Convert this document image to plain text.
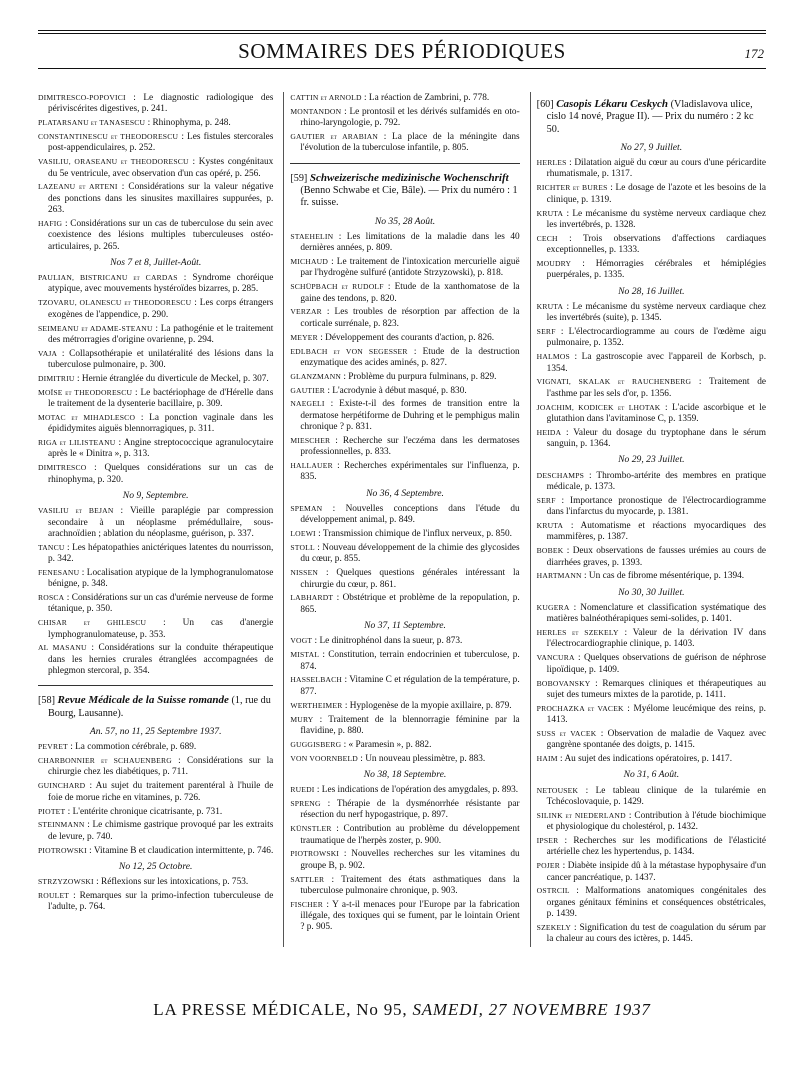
SOMMAIRES DES PÉRIODIQUES	172
DIMITRESCO-POPOVICI : Le diagnostic radiologique des périviscérites digestives, p. 241.
PLATARSANU et TANASESCU : Rhinophyma, p. 248.
CONSTANTINESCU et THEODORESCU : Les fistules stercorales post-appendiculaires, p. 252.
VASILIU, ORASEANU et THEODORESCU : Kystes congénitaux du 5e ventricule, avec observation d'un cas opéré, p. 256.
LAZEANU et ARTENI : Considérations sur la valeur négative des ponctions dans les sinusites maxillaires suppurées, p. 263.
HAFIG : Considérations sur un cas de tuberculose du sein avec coexistence des lésions multiples tuberculeuses ostéo-articulaires, p. 265.
Nos 7 et 8, Juillet-Août.
PAULIAN, BISTRICANU et CARDAS : Syndrome choréique atypique, avec mouvements hystéroïdes bizarres, p. 285.
TZOVARU, OLANESCU et THEODORESCU : Les corps étrangers exogènes de l'appendice, p. 290.
SEIMEANU et ADAME-STEANU : La pathogénie et le traitement des métrorragies d'origine ovarienne, p. 294.
VAJA : Collapsothérapie et unilatéralité des lésions dans la tuberculose pulmonaire, p. 300.
DIMITRIU : Hernie étranglée du diverticule de Meckel, p. 307.
MOÏSE et THEODORESCU : Le bactériophage de d'Hérelle dans le traitement de la dysenterie bacillaire, p. 309.
MOTAC et MIHADLESCO : La ponction vaginale dans les épididymites aiguës blennorragiques, p. 311.
RIGA et LILISTEANU : Angine streptococcique agranulocytaire après le « Dinitra », p. 313.
DIMITRESCO : Quelques considérations sur un cas de rhinophyma, p. 320.
No 9, Septembre.
VASILIU et BEJAN : Vieille paraplégie par compression secondaire à un néoplasme prémédullaire, sous-arachnoïdien ; ablation du néoplasme, guérison, p. 337.
TANCU : Les hépatopathies anictériques latentes du nourrisson, p. 342.
FENESANU : Localisation atypique de la lymphogranulomatose bénigne, p. 348.
ROSCA : Considérations sur un cas d'urémie nerveuse de forme tétanique, p. 350.
CHISAR et GHILESCU : Un cas d'anergie lymphogranulomateuse, p. 353.
AL MASANU : Considérations sur la conduite thérapeutique dans les hernies crurales étranglées accompagnées de phlegmon stercoral, p. 354.
[58] Revue Médicale de la Suisse romande (1, rue du Bourg, Lausanne).
An. 57, no 11, 25 Septembre 1937.
PEVRET : La commotion cérébrale, p. 689.
CHARBONNIER et SCHAUENBERG : Considérations sur la chirurgie chez les diabétiques, p. 711.
GUINCHARD : Au sujet du traitement parentéral à l'huile de foie de morue riche en vitamines, p. 726.
PIOTET : L'entérite chronique cicatrisante, p. 731.
STEINMANN : Le chimisme gastrique provoqué par les extraits de levure, p. 740.
PIOTROWSKI : Vitamine B et claudication intermittente, p. 746.
No 12, 25 Octobre.
STRZYZOWSKI : Réflexions sur les intoxications, p. 753.
ROULET : Remarques sur la primo-infection tuberculeuse de l'adulte, p. 764.
CATTIN et ARNOLD : La réaction de Zambrini, p. 778.
MONTANDON : Le prontosil et les dérivés sulfamidés en oto-rhino-laryngologie, p. 792.
GAUTIER et ARABIAN : La place de la méningite dans l'évolution de la tuberculose infantile, p. 805.
[59] Schweizerische medizinische Wochenschrift (Benno Schwabe et Cie, Bâle). — Prix du numéro : 1 fr. suisse.
No 35, 28 Août.
STAEHELIN : Les limitations de la maladie dans les 40 dernières années, p. 809.
MICHAUD : Le traitement de l'intoxication mercurielle aiguë par l'hydrogène sulfuré (antidote Strzyzowski), p. 818.
SCHÜPBACH et RUDOLF : Etude de la xanthomatose de la gaine des tendons, p. 820.
VERZAR : Les troubles de résorption par affection de la corticale surrénale, p. 823.
MEYER : Développement des courants d'action, p. 826.
EDLBACH et VON SEGESSER : Etude de la destruction enzymatique des acides aminés, p. 827.
GLANZMANN : Problème du purpura fulminans, p. 829.
GAUTIER : L'acrodynie à début masqué, p. 830.
NAEGELI : Existe-t-il des formes de transition entre la dermatose herpétiforme de Duhring et le pemphigus malin chronique ? p. 831.
MIESCHER : Recherche sur l'eczéma dans les dermatoses professionnelles, p. 833.
HALLAUER : Recherches expérimentales sur l'influenza, p. 835.
No 36, 4 Septembre.
SPEMAN : Nouvelles conceptions dans l'étude du développement animal, p. 849.
LOEWI : Transmission chimique de l'influx nerveux, p. 850.
STOLL : Nouveau développement de la chimie des glycosides du cœur, p. 855.
NISSEN : Quelques questions générales intéressant la chirurgie du cœur, p. 861.
LABHARDT : Obstétrique et problème de la repopulation, p. 865.
No 37, 11 Septembre.
VOGT : Le dinitrophénol dans la sueur, p. 873.
MISTAL : Constitution, terrain endocrinien et tuberculose, p. 874.
HASSELBACH : Vitamine C et régulation de la température, p. 877.
WERTHEIMER : Hyplogenèse de la myopie axillaire, p. 879.
MURY : Traitement de la blennorragie féminine par la flavidine, p. 880.
GUGGISBERG : « Paramesin », p. 882.
VON VOORNBELD : Un nouveau plessimètre, p. 883.
No 38, 18 Septembre.
RUEDI : Les indications de l'opération des amygdales, p. 893.
SPRENG : Thérapie de la dysménorrhée résistante par résection du nerf hypogastrique, p. 897.
KÜNSTLER : Contribution au problème du développement traumatique de l'herpès zoster, p. 900.
PIOTROWSKI : Nouvelles recherches sur les vitamines du groupe B, p. 902.
SATTLER : Traitement des états asthmatiques dans la tuberculose pulmonaire chronique, p. 903.
FISCHER : Y a-t-il menaces pour l'Europe par la fabrication illégale, des toxiques qui se fument, par le lointain Orient ? p. 905.
[60] Casopis Lékaru Ceskych (Vladislavova ulice, cislo 14 nové, Prague II). — Prix du numéro : 2 kc 50.
No 27, 9 Juillet.
HERLES : Dilatation aiguë du cœur au cours d'une péricardite rhumatismale, p. 1317.
RICHTER et BURES : Le dosage de l'azote et les besoins de la clinique, p. 1319.
KRUTA : Le mécanisme du système nerveux cardiaque chez les invertébrés, p. 1328.
CECH : Trois observations d'affections cardiaques exceptionnelles, p. 1333.
MOUDRY : Hémorragies cérébrales et hémiplégies puerpérales, p. 1335.
No 28, 16 Juillet.
KRUTA : Le mécanisme du système nerveux cardiaque chez les invertébrés (suite), p. 1345.
SERF : L'électrocardiogramme au cours de l'œdème aigu pulmonaire, p. 1352.
HALMOS : La gastroscopie avec l'appareil de Korbsch, p. 1354.
VIGNATI, SKALAK et RAUCHENBERG : Traitement de l'asthme par les sels d'or, p. 1356.
JOACHIM, KODICEK et LHOTAK : L'acide ascorbique et le glutathion dans l'avitaminose C, p. 1359.
HEIDA : Valeur du dosage du tryptophane dans le sérum sanguin, p. 1364.
No 29, 23 Juillet.
DESCHAMPS : Thrombo-artérite des membres en pratique médicale, p. 1373.
SERF : Importance pronostique de l'électrocardiogramme dans l'infarctus du myocarde, p. 1381.
KRUTA : Automatisme et réactions myocardiques des mammifères, p. 1387.
BOBEK : Deux observations de fausses urémies au cours de diarrhées graves, p. 1393.
HARTMANN : Un cas de fibrome mésentérique, p. 1394.
No 30, 30 Juillet.
KUGERA : Nomenclature et classification systématique des matières balnéothérapiques semi-solides, p. 1401.
HERLES et SZEKELY : Valeur de la dérivation IV dans l'électrocardiographie clinique, p. 1403.
VANCURA : Quelques observations de guérison de néphrose lipoïdique, p. 1409.
BOBOVANSKY : Remarques cliniques et thérapeutiques au sujet des tumeurs mixtes de la parotide, p. 1411.
PROCHAZKA et VACEK : Myélome leucémique des reins, p. 1413.
SUSS et VACEK : Observation de maladie de Vaquez avec gangrène spontanée des doigts, p. 1415.
HAIM : Au sujet des indications opératoires, p. 1417.
No 31, 6 Août.
NETOUSEK : Le tableau clinique de la tularémie en Tchécoslovaquie, p. 1429.
SILINK et NIEDERLAND : Contribution à l'étude biochimique et physiologique du cholestérol, p. 1432.
IPSER : Recherches sur les modifications de l'élasticité artérielle chez les hypertendus, p. 1434.
POJER : Diabète insipide dû à la métastase hypophysaire d'un cancer pancréatique, p. 1437.
OSTRCIL : Malformations anatomiques congénitales des organes génitaux féminins et conséquences obstétricales, p. 1439.
SZEKELY : Signification du test de coagulation du sérum par la chaleur au cours des ictères, p. 1445.
LA PRESSE MÉDICALE, No 95, SAMEDI, 27 NOVEMBRE 1937
